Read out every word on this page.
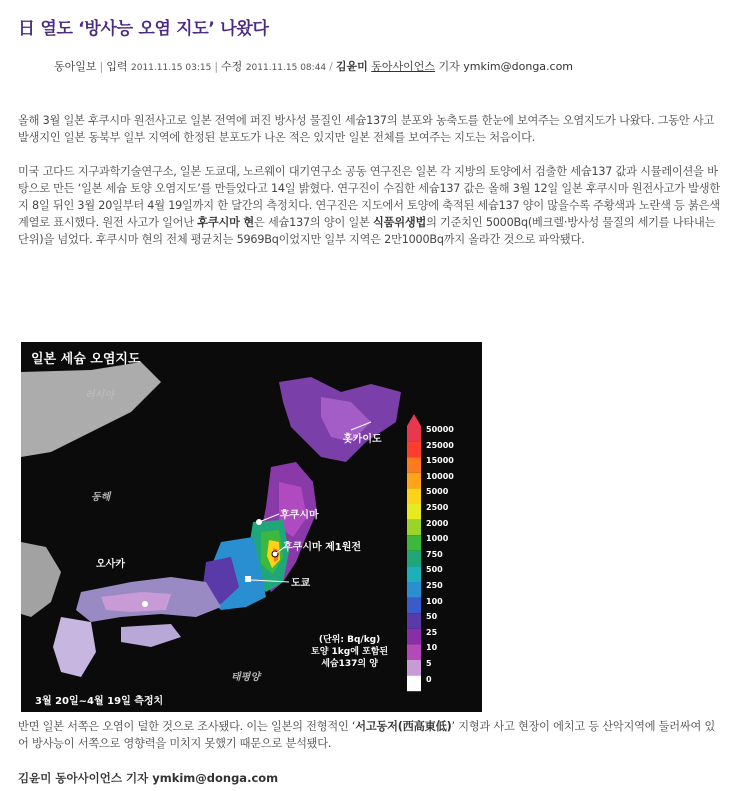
日 열도 ‘방사능 오염 지도’ 나왔다
동아일보 | 입력 2011.11.15 03:15 | 수정 2011.11.15 08:44 / 김윤미 동아사이언스 기자 ymkim@donga.com
올해 3월 일본 후쿠시마 원전사고로 일본 전역에 퍼진 방사성 물질인 세슘137의 분포와 농축도를 한눈에 보여주는 오염지도가 나왔다. 그동안 사고 발생지인 일본 동북부 일부 지역에 한정된 분포도가 나온 적은 있지만 일본 전체를 보여주는 지도는 처음이다.
미국 고다드 지구과학기술연구소, 일본 도쿄대, 노르웨이 대기연구소 공동 연구진은 일본 각 지방의 토양에서 검출한 세슘137 값과 시뮬레이션을 바탕으로 만든 ‘일본 세슘 토양 오염지도’를 만들었다고 14일 밝혔다. 연구진이 수집한 세슘137 값은 올해 3월 12일 일본 후쿠시마 원전사고가 발생한 지 8일 뒤인 3월 20일부터 4월 19일까지 한 달간의 측정치다. 연구진은 지도에서 토양에 축적된 세슘137 양이 많을수록 주황색과 노란색 등 붉은색 계열로 표시했다. 원전 사고가 일어난 후쿠시마 현은 세슘137의 양이 일본 식품위생법의 기준치인 5000Bq(베크렐·방사성 물질의 세기를 나타내는 단위)을 넘었다. 후쿠시마 현의 전체 평균치는 5969Bq이었지만 일부 지역은 2만1000Bq까지 올라간 것으로 파악됐다.
일본 세슘 오염지도
러시아
동해
홋카이도
후쿠시마
후쿠시마 제1원전
도쿄
오사카
태평양
3월 20일~4월 19일 측정치
(단위: Bq/kg)
토양 1kg에 포함된
세슘137의 양
50000
25000
15000
10000
5000
2500
2000
1000
750
500
250
100
50
25
10
5
0
반면 일본 서쪽은 오염이 덜한 것으로 조사됐다. 이는 일본의 전형적인 ‘서고동저(西高東低)’ 지형과 사고 현장이 에치고 등 산악지역에 둘러싸여 있어 방사능이 서쪽으로 영향력을 미치지 못했기 때문으로 분석됐다.
김윤미 동아사이언스 기자 ymkim@donga.com
